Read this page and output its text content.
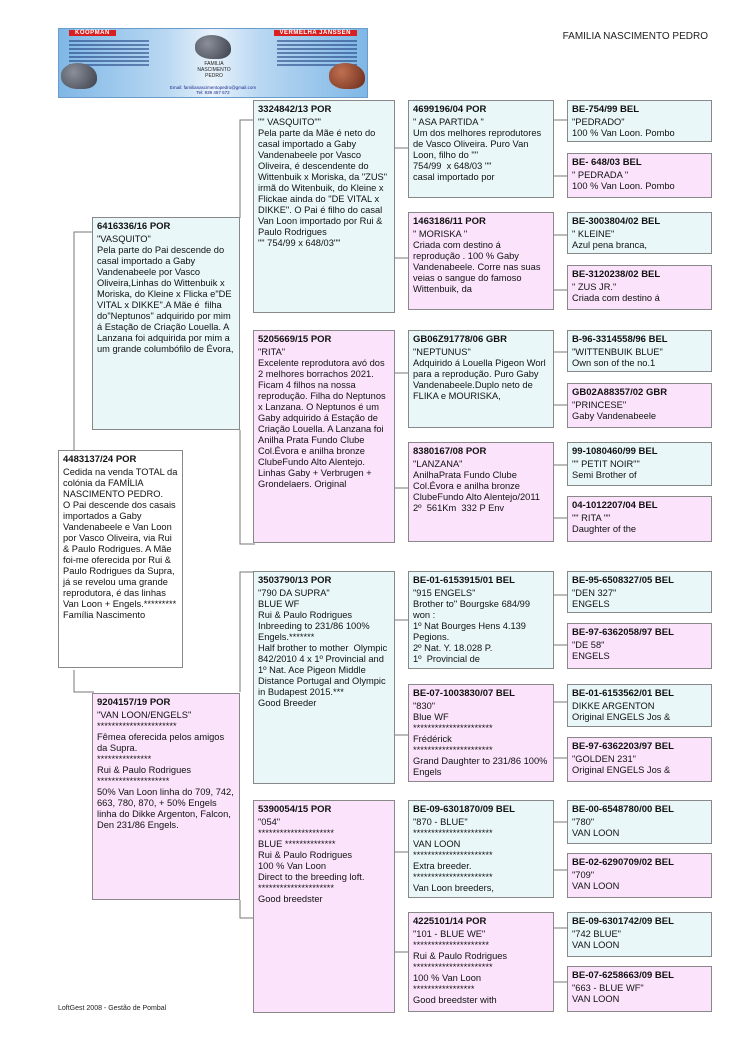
KOOPMAN	VERMELHA JANSSEN
FAMILIA
NASCIMENTO
PEDRO
Email: familianascimentopedro@gmail.com
Tel: 939 457 672
FAMILIA NASCIMENTO PEDRO
4483137/24 POR
Cedida na venda TOTAL da colónia da FAMÍLIA NASCIMENTO PEDRO.
O Pai descende dos casais importados a Gaby Vandenabeele e Van Loon por Vasco Oliveira, via Rui & Paulo Rodrigues. A Mãe foi-me oferecida por Rui & Paulo Rodrigues da Supra, já se revelou uma grande reprodutora, é das linhas Van Loon + Engels.*********
Família Nascimento
6416336/16 POR
"VASQUITO"
Pela parte do Pai descende do casal importado a Gaby Vandenabeele por Vasco Oliveira,Linhas do Wittenbuik x Moriska, do Kleine x Flicka e"DE VITAL x DIKKE".A Mãe é  filha do"Neptunos" adquirido por mim á Estação de Criação Louella. A Lanzana foi adquirida por mim a um grande columbófilo de Évora,
9204157/19 POR
"VAN LOON/ENGELS"
**********************
Fêmea oferecida pelos amigos  da Supra.
***************
Rui & Paulo Rodrigues
********************
50% Van Loon linha do 709, 742, 663, 780, 870, + 50% Engels linha do Dikke Argenton, Falcon, Den 231/86 Engels.
3324842/13 POR
"" VASQUITO""
Pela parte da Mãe é neto do casal importado a Gaby Vandenabeele por Vasco Oliveira, é descendente do Wittenbuik x Moriska, da "ZUS" irmã do Witenbuik, do Kleine x Flickae ainda do "DE VITAL x DIKKE". O Pai é filho do casal Van Loon importado por Rui & Paulo Rodrigues
"" 754/99 x 648/03""
5205669/15 POR
"RITA"
Excelente reprodutora avó dos 2 melhores borrachos 2021. Ficam 4 filhos na nossa reprodução. Filha do Neptunos x Lanzana. O Neptunos é um Gaby adquirido á Estação de Criação Louella. A Lanzana foi Anilha Prata Fundo Clube Col.Évora e anilha bronze ClubeFundo Alto Alentejo. Linhas Gaby + Verbrugen + Grondelaers. Original
3503790/13 POR
"790 DA SUPRA"
BLUE WF
Rui & Paulo Rodrigues
Inbreeding to 231/86 100% Engels.*******
Half brother to mother  Olympic 842/2010 4 x 1º Provincial and 1º Nat. Ace Pigeon Middle Distance Portugal and Olympic in Budapest 2015.***
Good Breeder
5390054/15 POR
"054"
*********************
BLUE **************
Rui & Paulo Rodrigues
100 % Van Loon
Direct to the breeding loft.
*********************
Good breedster
4699196/04 POR
" ASA PARTIDA "
Um dos melhores reprodutores de Vasco Oliveira. Puro Van Loon, filho do ""
754/99  x 648/03 ""
casal importado por
1463186/11 POR
" MORISKA "
Criada com destino á reprodução . 100 % Gaby Vandenabeele. Corre nas suas veias o sangue do famoso Wittenbuik, da
GB06Z91778/06 GBR
"NEPTUNUS"
Adquirido á Louella Pigeon Worl para a reprodução. Puro Gaby Vandenabeele.Duplo neto de FLIKA e MOURISKA,
8380167/08 POR
"LANZANA"
AnilhaPrata Fundo Clube Col.Évora e anilha bronze ClubeFundo Alto Alentejo/2011
2º  561Km  332 P Env
BE-01-6153915/01 BEL
"915 ENGELS"
Brother to" Bourgske 684/99 won :
1º Nat Bourges Hens 4.139 Pegions.
2º Nat. Y. 18.028 P.
1º  Provincial de
BE-07-1003830/07 BEL
"830"
Blue WF
**********************
Frédérick
**********************
Grand Daughter to 231/86 100% Engels
BE-09-6301870/09 BEL
"870 - BLUE"
**********************
VAN LOON
**********************
Extra breeder.
**********************
Van Loon breeders,
4225101/14 POR
"101 - BLUE WE"
*********************
Rui & Paulo Rodrigues
**********************
100 % Van Loon
*****************
Good breedster with
BE-754/99 BEL
"PEDRADO"
100 % Van Loon. Pombo
BE- 648/03 BEL
" PEDRADA "
100 % Van Loon. Pombo
BE-3003804/02 BEL
" KLEINE"
Azul pena branca,
BE-3120238/02 BEL
" ZUS JR."
Criada com destino á
B-96-3314558/96 BEL
"WITTENBUIK BLUE"
Own son of the no.1
GB02A88357/02 GBR
"PRINCESE"
Gaby Vandenabeele
99-1080460/99 BEL
"" PETIT NOIR""
Semi Brother of
04-1012207/04 BEL
"" RITA ""
Daughter of the
BE-95-6508327/05 BEL
"DEN 327"
ENGELS
BE-97-6362058/97 BEL
"DE 58"
ENGELS
BE-01-6153562/01 BEL
DIKKE ARGENTON
Original ENGELS Jos &
BE-97-6362203/97 BEL
"GOLDEN 231"
Original ENGELS Jos &
BE-00-6548780/00 BEL
"780"
VAN LOON
BE-02-6290709/02 BEL
"709"
VAN LOON
BE-09-6301742/09 BEL
"742 BLUE"
VAN LOON
BE-07-6258663/09 BEL
"663 - BLUE WF"
VAN LOON
LoftGest 2008 - Gestão de Pombal
